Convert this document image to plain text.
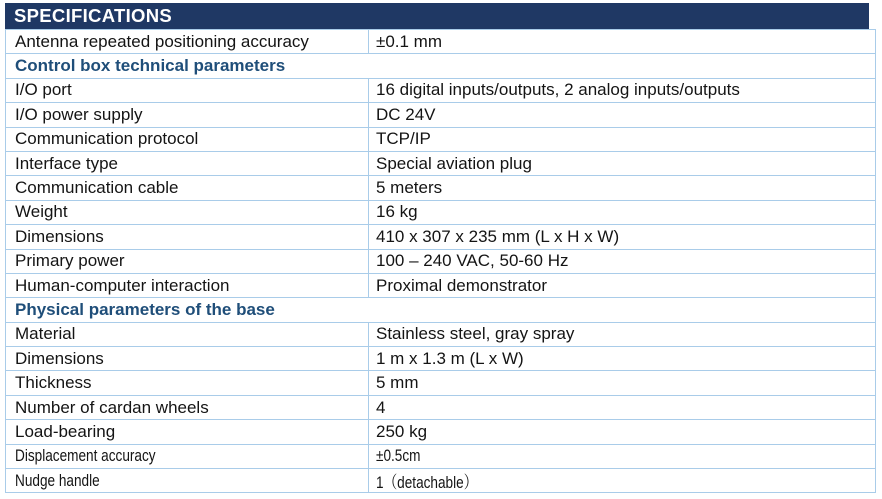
SPECIFICATIONS
Antenna repeated positioning accuracy	±0.1 mm
Control box technical parameters
I/O port	16 digital inputs/outputs, 2 analog inputs/outputs
I/O power supply	DC 24V
Communication protocol	TCP/IP
Interface type	Special aviation plug
Communication cable	5 meters
Weight	16 kg
Dimensions	410 x 307 x 235 mm (L x H x W)
Primary power	100 – 240 VAC, 50-60 Hz
Human-computer interaction	Proximal demonstrator
Physical parameters of the base
Material	Stainless steel, gray spray
Dimensions	1 m x 1.3 m (L x W)
Thickness	5 mm
Number of cardan wheels	4
Load-bearing	250 kg
Displacement accuracy	±0.5cm
Nudge handle	1（detachable）
